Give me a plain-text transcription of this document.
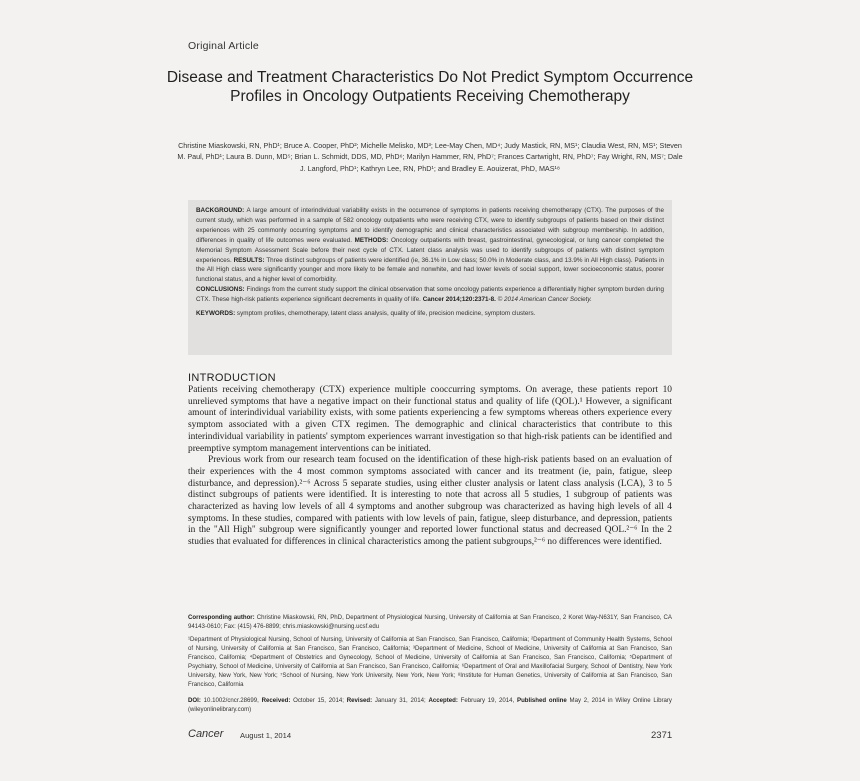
Original Article
Disease and Treatment Characteristics Do Not Predict Symptom Occurrence Profiles in Oncology Outpatients Receiving Chemotherapy
Christine Miaskowski, RN, PhD¹; Bruce A. Cooper, PhD²; Michelle Melisko, MD³; Lee-May Chen, MD⁴; Judy Mastick, RN, MS¹; Claudia West, RN, MS¹; Steven M. Paul, PhD¹; Laura B. Dunn, MD⁵; Brian L. Schmidt, DDS, MD, PhD⁶; Marilyn Hammer, RN, PhD⁷; Frances Cartwright, RN, PhD⁷; Fay Wright, RN, MS⁷; Dale J. Langford, PhD¹; Kathryn Lee, RN, PhD¹; and Bradley E. Aouizerat, PhD, MAS¹⁸

BACKGROUND: A large amount of interindividual variability exists in the occurrence of symptoms in patients receiving chemotherapy (CTX). The purposes of the current study, which was performed in a sample of 582 oncology outpatients who were receiving CTX, were to identify subgroups of patients based on their distinct experiences with 25 commonly occurring symptoms and to identify demographic and clinical characteristics associated with subgroup membership. In addition, differences in quality of life outcomes were evaluated. METHODS: Oncology outpatients with breast, gastrointestinal, gynecological, or lung cancer completed the Memorial Symptom Assessment Scale before their next cycle of CTX. Latent class analysis was used to identify subgroups of patients with distinct symptom experiences. RESULTS: Three distinct subgroups of patients were identified (ie, 36.1% in Low class; 50.0% in Moderate class, and 13.9% in All High class). Patients in the All High class were significantly younger and more likely to be female and nonwhite, and had lower levels of social support, lower socioeconomic status, poorer functional status, and a higher level of comorbidity.
CONCLUSIONS: Findings from the current study support the clinical observation that some oncology patients experience a differentially higher symptom burden during CTX. These high-risk patients experience significant decrements in quality of life. Cancer 2014;120:2371-8. © 2014 American Cancer Society.

KEYWORDS: symptom profiles, chemotherapy, latent class analysis, quality of life, precision medicine, symptom clusters.

INTRODUCTION

Patients receiving chemotherapy (CTX) experience multiple cooccurring symptoms. On average, these patients report 10 unrelieved symptoms that have a negative impact on their functional status and quality of life (QOL).¹ However, a significant amount of interindividual variability exists, with some patients experiencing a few symptoms whereas others experience every symptom associated with a given CTX regimen. The demographic and clinical characteristics that contribute to this interindividual variability in patients' symptom experiences warrant investigation so that high-risk patients can be identified and preemptive symptom management interventions can be initiated.

Previous work from our research team focused on the identification of these high-risk patients based on an evaluation of their experiences with the 4 most common symptoms associated with cancer and its treatment (ie, pain, fatigue, sleep disturbance, and depression).²⁻⁶ Across 5 separate studies, using either cluster analysis or latent class analysis (LCA), 3 to 5 distinct subgroups of patients were identified. It is interesting to note that across all 5 studies, 1 subgroup of patients was characterized as having low levels of all 4 symptoms and another subgroup was characterized as having high levels of all 4 symptoms. In these studies, compared with patients with low levels of pain, fatigue, sleep disturbance, and depression, patients in the "All High" subgroup were significantly younger and reported lower functional status and decreased QOL.²⁻⁶ In the 2 studies that evaluated for differences in clinical characteristics among the patient subgroups,²⁻⁶ no differences were identified.

Corresponding author: Christine Miaskowski, RN, PhD, Department of Physiological Nursing, University of California at San Francisco, 2 Koret Way-N631Y, San Francisco, CA 94143-0610; Fax: (415) 476-8899; chris.miaskowski@nursing.ucsf.edu
¹Department of Physiological Nursing, School of Nursing, University of California at San Francisco, San Francisco, California; ²Department of Community Health Systems, School of Nursing, University of California at San Francisco, San Francisco, California; ³Department of Medicine, School of Medicine, University of California at San Francisco, San Francisco, California; ⁴Department of Obstetrics and Gynecology, School of Medicine, University of California at San Francisco, San Francisco, California; ⁵Department of Psychiatry, School of Medicine, University of California at San Francisco, San Francisco, California; ⁶Department of Oral and Maxillofacial Surgery, School of Dentistry, New York University, New York, New York; ⁷School of Nursing, New York University, New York, New York; ⁸Institute for Human Genetics, University of California at San Francisco, San Francisco, California
DOI: 10.1002/cncr.28699, Received: October 15, 2014; Revised: January 31, 2014; Accepted: February 19, 2014, Published online May 2, 2014 in Wiley Online Library (wileyonlinelibrary.com)
Cancer August 1, 2014	2371
